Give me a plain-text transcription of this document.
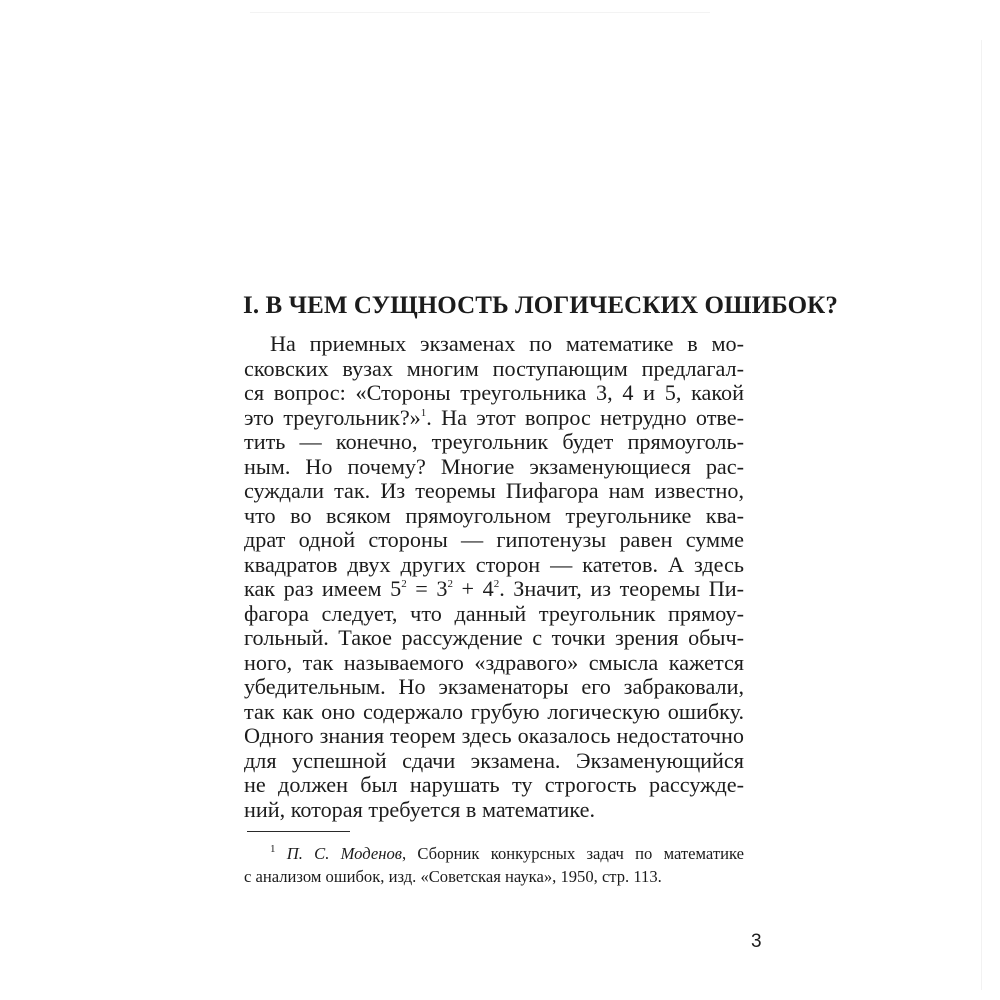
I. В ЧЕМ СУЩНОСТЬ ЛОГИЧЕСКИХ ОШИБОК?
На приемных экзаменах по математике в мо-
сковских вузах многим поступающим предлагал-
ся вопрос: «Стороны треугольника 3, 4 и 5, какой
это треугольник?»$^1$. На этот вопрос нетрудно отве-
тить — конечно, треугольник будет прямоуголь-
ным. Но почему? Многие экзаменующиеся рас-
суждали так. Из теоремы Пифагора нам известно,
что во всяком прямоугольном треугольнике ква-
драт одной стороны — гипотенузы равен сумме
квадратов двух других сторон — катетов. А здесь
как раз имеем $5^2 = 3^2 + 4^2$. Значит, из теоремы Пи-
фагора следует, что данный треугольник прямоу-
гольный. Такое рассуждение с точки зрения обыч-
ного, так называемого «здравого» смысла кажется
убедительным. Но экзаменаторы его забраковали,
так как оно содержало грубую логическую ошибку.
Одного знания теорем здесь оказалось недостаточно
для успешной сдачи экзамена. Экзаменующийся
не должен был нарушать ту строгость рассужде-
ний, которая требуется в математике.
$^1$ П. С. Моденов, Сборник конкурсных задач по математике
с анализом ошибок, изд. «Советская наука», 1950, стр. 113.
3
